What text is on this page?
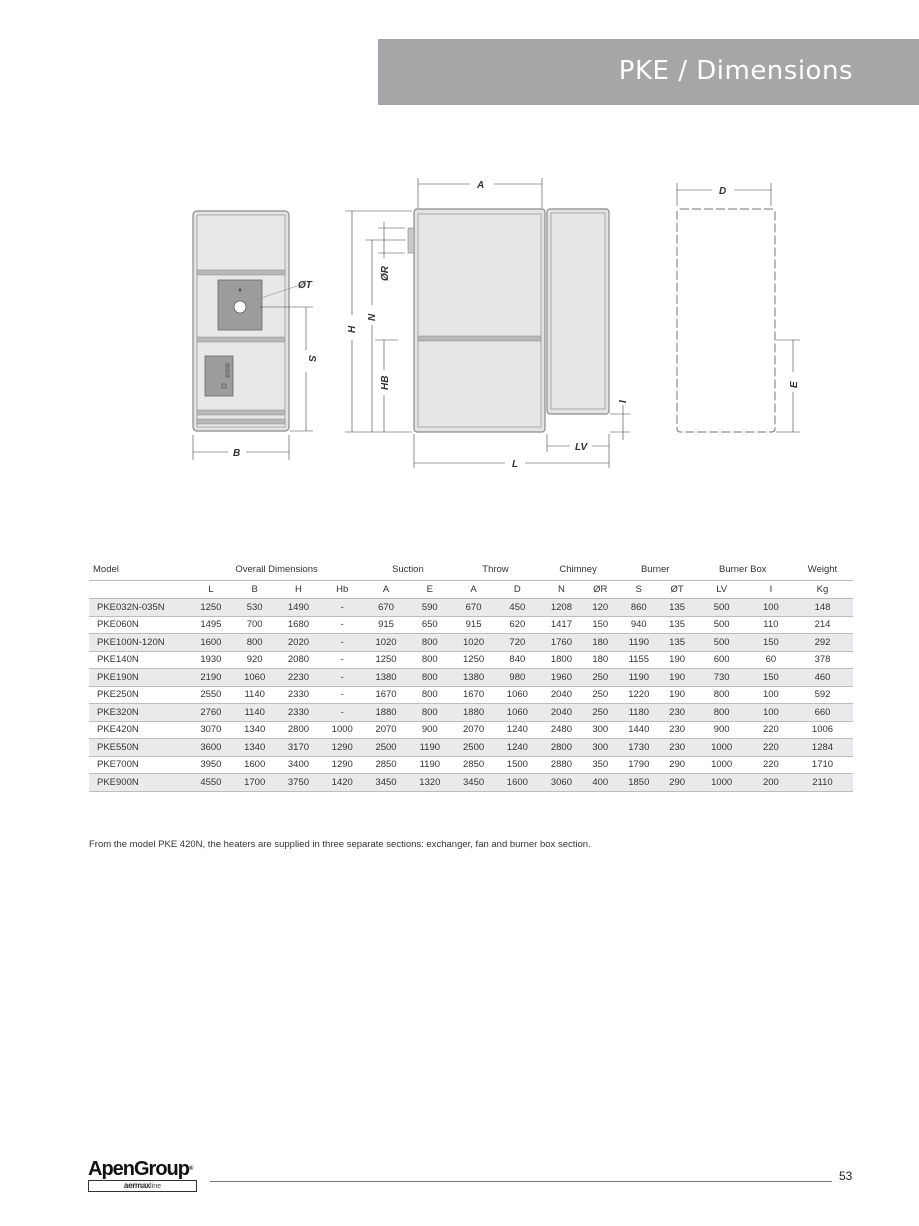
PKE / Dimensions
ØT
S
B
A
H
N
ØR
HB
I
LV
L
D
E
Model	Overall Dimensions				Suction		Throw		Chimney		Burner		Burner Box		Weight
	L	B	H	Hb	A	E	A	D	N	ØR	S	ØT	LV	I	Kg
PKE032N-035N	1250	530	1490	-	670	590	670	450	1208	120	860	135	500	100	148
PKE060N	1495	700	1680	-	915	650	915	620	1417	150	940	135	500	110	214
PKE100N-120N	1600	800	2020	-	1020	800	1020	720	1760	180	1190	135	500	150	292
PKE140N	1930	920	2080	-	1250	800	1250	840	1800	180	1155	190	600	60	378
PKE190N	2190	1060	2230	-	1380	800	1380	980	1960	250	1190	190	730	150	460
PKE250N	2550	1140	2330	-	1670	800	1670	1060	2040	250	1220	190	800	100	592
PKE320N	2760	1140	2330	-	1880	800	1880	1060	2040	250	1180	230	800	100	660
PKE420N	3070	1340	2800	1000	2070	900	2070	1240	2480	300	1440	230	900	220	1006
PKE550N	3600	1340	3170	1290	2500	1190	2500	1240	2800	300	1730	230	1000	220	1284
PKE700N	3950	1600	3400	1290	2850	1190	2850	1500	2880	350	1790	290	1000	220	1710
PKE900N	4550	1700	3750	1420	3450	1320	3450	1600	3060	400	1850	290	1000	200	2110
From the model PKE 420N, the heaters are supplied in three separate sections: exchanger, fan and burner box section.
ApenGroup®
aermaxline
53
